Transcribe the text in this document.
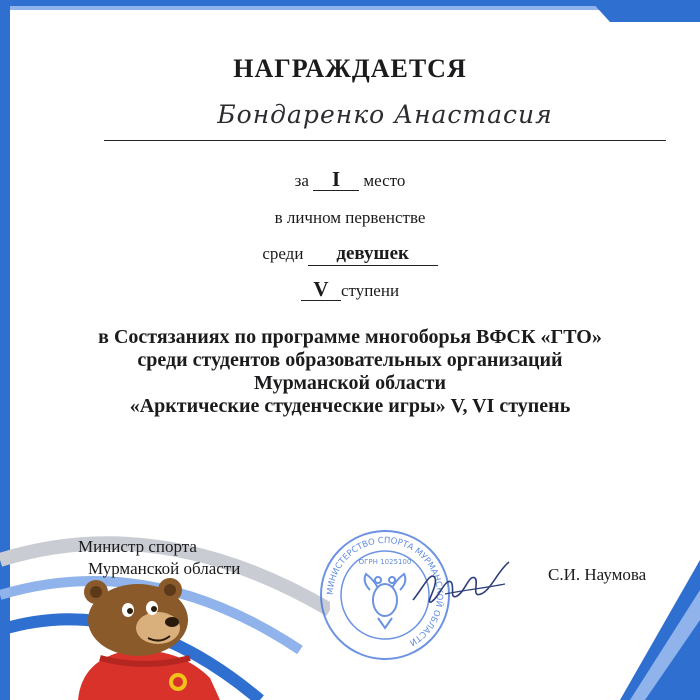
НАГРАЖДАЕТСЯ
Бондаренко Анастасия
за I место
в личном первенстве
среди девушек
V ступени
в Состязаниях по программе многоборья ВФСК «ГТО»
среди студентов образовательных организаций
Мурманской области
«Арктические студенческие игры» V, VI ступень
Министр спорта
Мурманской области
МИНИСТЕРСТВО СПОРТА МУРМАНСКОЙ ОБЛАСТИ
ОГРН 1025100
С.И. Наумова
